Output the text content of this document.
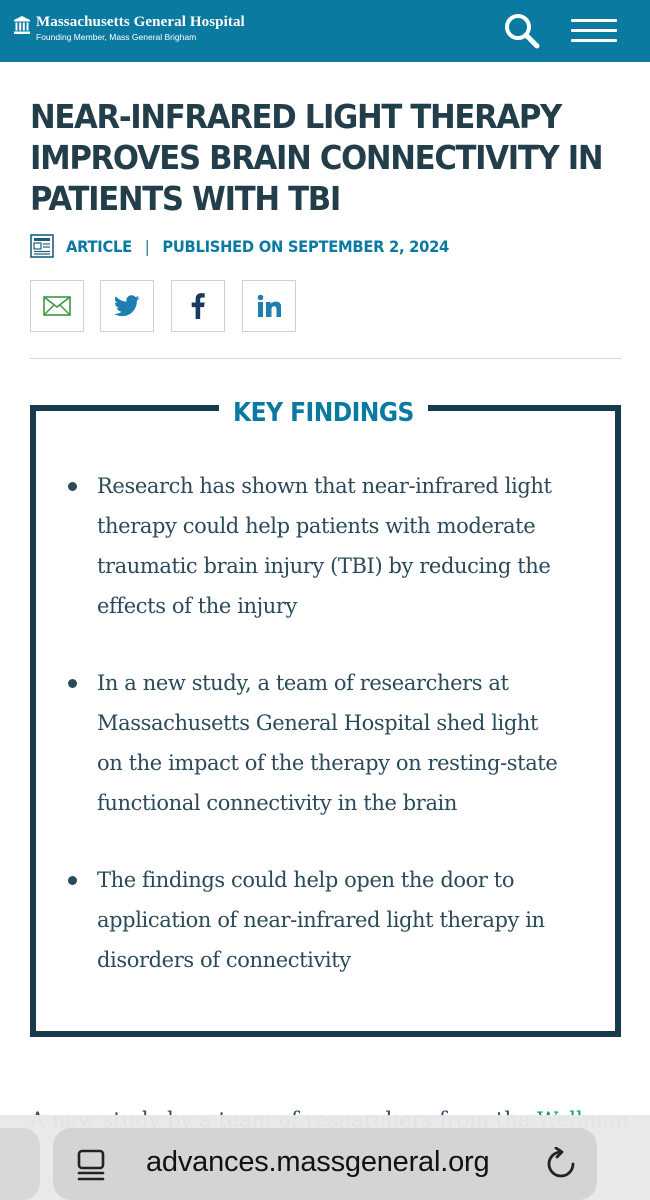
Massachusetts General Hospital
Founding Member, Mass General Brigham
NEAR-INFRARED LIGHT THERAPY
IMPROVES BRAIN CONNECTIVITY IN
PATIENTS WITH TBI
ARTICLE | PUBLISHED ON SEPTEMBER 2, 2024
KEY FINDINGS
Research has shown that near-infrared light
therapy could help patients with moderate
traumatic brain injury (TBI) by reducing the
effects of the injury
In a new study, a team of researchers at
Massachusetts General Hospital shed light
on the impact of the therapy on resting-state
functional connectivity in the brain
The findings could help open the door to
application of near-infrared light therapy in
disorders of connectivity
advances.massgeneral.org
